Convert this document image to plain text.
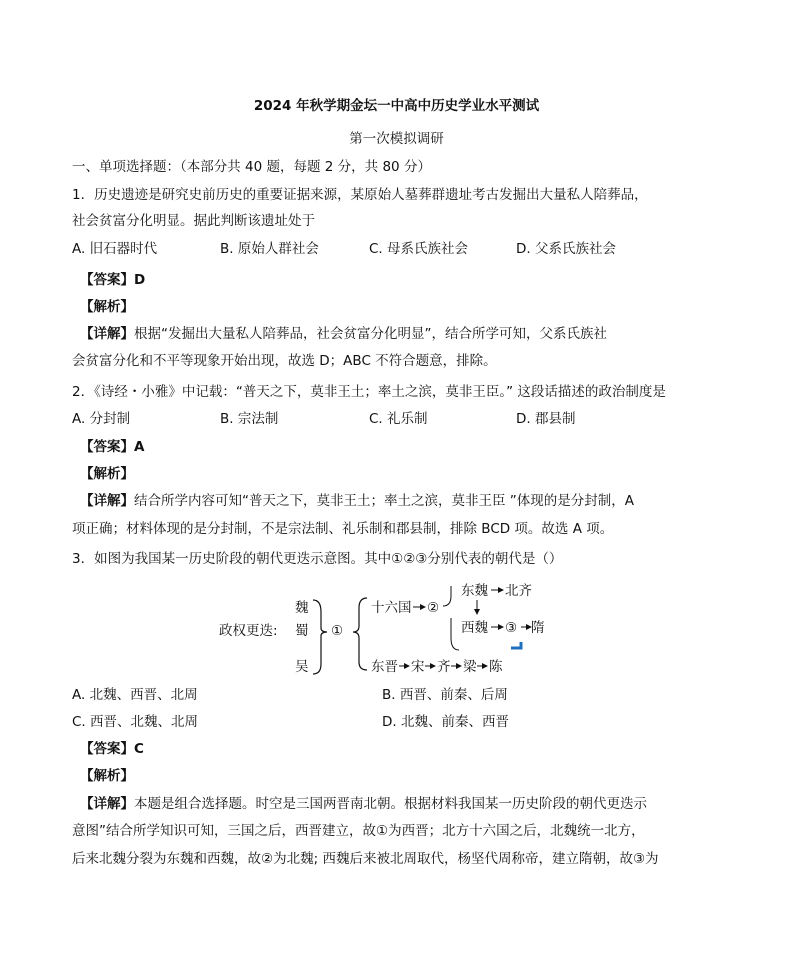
2024 年秋学期金坛一中高中历史学业水平测试
第一次模拟调研
一、单项选择题：（本部分共 40 题，每题 2 分，共 80 分）
1．历史遗迹是研究史前历史的重要证据来源，某原始人墓葬群遗址考古发掘出大量私人陪葬品，
社会贫富分化明显。据此判断该遗址处于
A. 旧石器时代	B. 原始人群社会	C. 母系氏族社会	D. 父系氏族社会
【答案】D
【解析】
【详解】根据“发掘出大量私人陪葬品，社会贫富分化明显”，结合所学可知，父系氏族社
会贫富分化和不平等现象开始出现，故选 D；ABC 不符合题意，排除。
2．《诗经・小雅》中记载：“普天之下，莫非王土；率土之滨，莫非王臣。” 这段话描述的政治制度是
A. 分封制	B. 宗法制	C. 礼乐制	D. 郡县制
【答案】A
【解析】
【详解】结合所学内容可知“普天之下，莫非王土；率土之滨，莫非王臣 ”体现的是分封制，A
项正确；材料体现的是分封制，不是宗法制、礼乐制和郡县制，排除 BCD 项。故选 A 项。
3．如图为我国某一历史阶段的朝代更迭示意图。其中①②③分别代表的朝代是（）
政权更迭:
魏
蜀
吴
①
十六国 ②
东魏 北齐
西魏 ③ 隋
东晋 宋 齐 梁 陈
A. 北魏、西晋、北周	B. 西晋、前秦、后周
C. 西晋、北魏、北周	D. 北魏、前秦、西晋
【答案】C
【解析】
【详解】本题是组合选择题。时空是三国两晋南北朝。根据材料我国某一历史阶段的朝代更迭示
意图”结合所学知识可知，三国之后，西晋建立，故①为西晋；北方十六国之后，北魏统一北方，
后来北魏分裂为东魏和西魏，故②为北魏; 西魏后来被北周取代，杨坚代周称帝，建立隋朝，故③为
